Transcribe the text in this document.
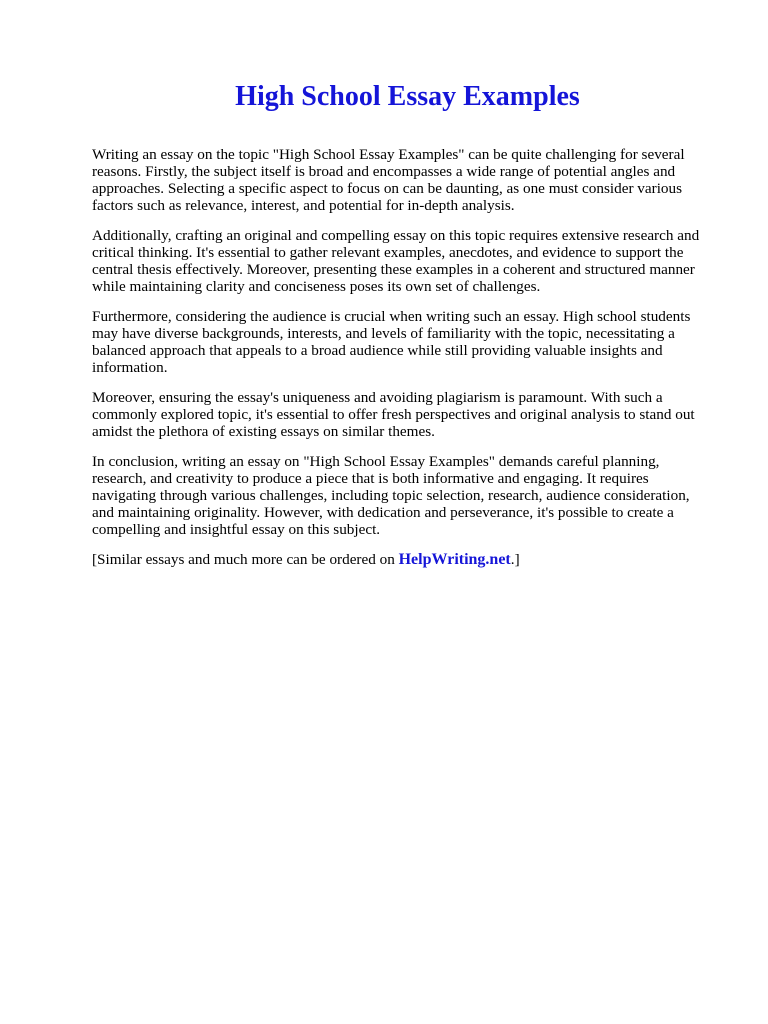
High School Essay Examples

Writing an essay on the topic "High School Essay Examples" can be quite challenging for several
reasons. Firstly, the subject itself is broad and encompasses a wide range of potential angles and
approaches. Selecting a specific aspect to focus on can be daunting, as one must consider various
factors such as relevance, interest, and potential for in-depth analysis.

Additionally, crafting an original and compelling essay on this topic requires extensive research and
critical thinking. It's essential to gather relevant examples, anecdotes, and evidence to support the
central thesis effectively. Moreover, presenting these examples in a coherent and structured manner
while maintaining clarity and conciseness poses its own set of challenges.

Furthermore, considering the audience is crucial when writing such an essay. High school students
may have diverse backgrounds, interests, and levels of familiarity with the topic, necessitating a
balanced approach that appeals to a broad audience while still providing valuable insights and
information.

Moreover, ensuring the essay's uniqueness and avoiding plagiarism is paramount. With such a
commonly explored topic, it's essential to offer fresh perspectives and original analysis to stand out
amidst the plethora of existing essays on similar themes.

In conclusion, writing an essay on "High School Essay Examples" demands careful planning,
research, and creativity to produce a piece that is both informative and engaging. It requires
navigating through various challenges, including topic selection, research, audience consideration,
and maintaining originality. However, with dedication and perseverance, it's possible to create a
compelling and insightful essay on this subject.

[Similar essays and much more can be ordered on HelpWriting.net.]
